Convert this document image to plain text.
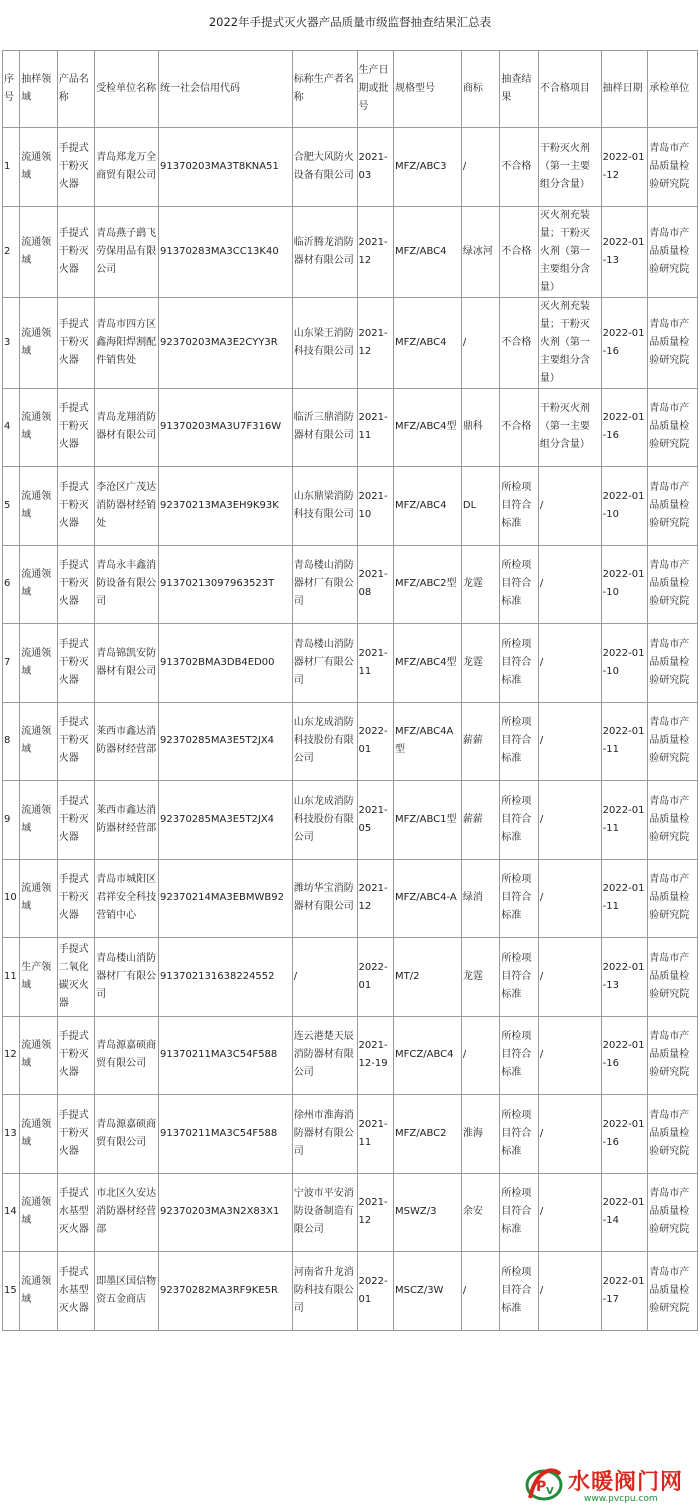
2022年手提式灭火器产品质量市级监督抽查结果汇总表
序号	抽样领域	产品名称	受检单位名称	统一社会信用代码	标称生产者名称	生产日期或批号	规格型号	商标	抽查结果	不合格项目	抽样日期	承检单位
1	流通领域	手提式干粉灭火器	青岛郑龙万全商贸有限公司	91370203MA3T8KNA51	合肥大风防火设备有限公司	2021-03	MFZ/ABC3	/	不合格	干粉灭火剂（第一主要组分含量）	2022-01-12	青岛市产品质量检验研究院
2	流通领域	手提式干粉灭火器	青岛燕子鹞飞劳保用品有限公司	91370283MA3CC13K40	临沂腾龙消防器材有限公司	2021-12	MFZ/ABC4	绿冰河	不合格	灭火剂充装量；干粉灭火剂（第一主要组分含量）	2022-01-13	青岛市产品质量检验研究院
3	流通领域	手提式干粉灭火器	青岛市四方区鑫海阳焊割配件销售处	92370203MA3E2CYY3R	山东梁王消防科技有限公司	2021-12	MFZ/ABC4	/	不合格	灭火剂充装量；干粉灭火剂（第一主要组分含量）	2022-01-16	青岛市产品质量检验研究院
4	流通领域	手提式干粉灭火器	青岛龙翔消防器材有限公司	91370203MA3U7F316W	临沂三鼎消防器材有限公司	2021-11	MFZ/ABC4型	鼎科	不合格	干粉灭火剂（第一主要组分含量）	2022-01-16	青岛市产品质量检验研究院
5	流通领域	手提式干粉灭火器	李沧区广茂达消防器材经销处	92370213MA3EH9K93K	山东鼎梁消防科技有限公司	2021-10	MFZ/ABC4	DL	所检项目符合标准	/	2022-01-10	青岛市产品质量检验研究院
6	流通领域	手提式干粉灭火器	青岛永丰鑫消防设备有限公司	91370213097963523T	青岛楼山消防器材厂有限公司	2021-08	MFZ/ABC2型	龙霆	所检项目符合标准	/	2022-01-10	青岛市产品质量检验研究院
7	流通领域	手提式干粉灭火器	青岛锦凯安防器材有限公司	913702BMA3DB4ED00	青岛楼山消防器材厂有限公司	2021-11	MFZ/ABC4型	龙霆	所检项目符合标准	/	2022-01-10	青岛市产品质量检验研究院
8	流通领域	手提式干粉灭火器	莱西市鑫达消防器材经营部	92370285MA3E5T2JX4	山东龙成消防科技股份有限公司	2022-01	MFZ/ABC4A型	薪薪	所检项目符合标准	/	2022-01-11	青岛市产品质量检验研究院
9	流通领域	手提式干粉灭火器	莱西市鑫达消防器材经营部	92370285MA3E5T2JX4	山东龙成消防科技股份有限公司	2021-05	MFZ/ABC1型	薪薪	所检项目符合标准	/	2022-01-11	青岛市产品质量检验研究院
10	流通领域	手提式干粉灭火器	青岛市城阳区君祥安全科技营销中心	92370214MA3EBMWB92	潍坊华宝消防器材有限公司	2021-12	MFZ/ABC4-A	绿消	所检项目符合标准	/	2022-01-11	青岛市产品质量检验研究院
11	生产领域	手提式二氧化碳灭火器	青岛楼山消防器材厂有限公司	913702131638224552	/	2022-01	MT/2	龙霆	所检项目符合标准	/	2022-01-13	青岛市产品质量检验研究院
12	流通领域	手提式干粉灭火器	青岛源嘉硕商贸有限公司	91370211MA3C54F588	连云港楚天辰消防器材有限公司	2021-12-19	MFCZ/ABC4	/	所检项目符合标准	/	2022-01-16	青岛市产品质量检验研究院
13	流通领域	手提式干粉灭火器	青岛源嘉硕商贸有限公司	91370211MA3C54F588	徐州市淮海消防器材有限公司	2021-11	MFZ/ABC2	淮海	所检项目符合标准	/	2022-01-16	青岛市产品质量检验研究院
14	流通领域	手提式水基型灭火器	市北区久安达消防器材经营部	92370203MA3N2X83X1	宁波市平安消防设备制造有限公司	2021-12	MSWZ/3	余安	所检项目符合标准	/	2022-01-14	青岛市产品质量检验研究院
15	流通领域	手提式水基型灭火器	即墨区国信物资五金商店	92370282MA3RF9KE5R	河南省升龙消防科技有限公司	2022-01	MSCZ/3W	/	所检项目符合标准	/	2022-01-17	青岛市产品质量检验研究院
P V 水暖阀门网
www.pvcpu.com
